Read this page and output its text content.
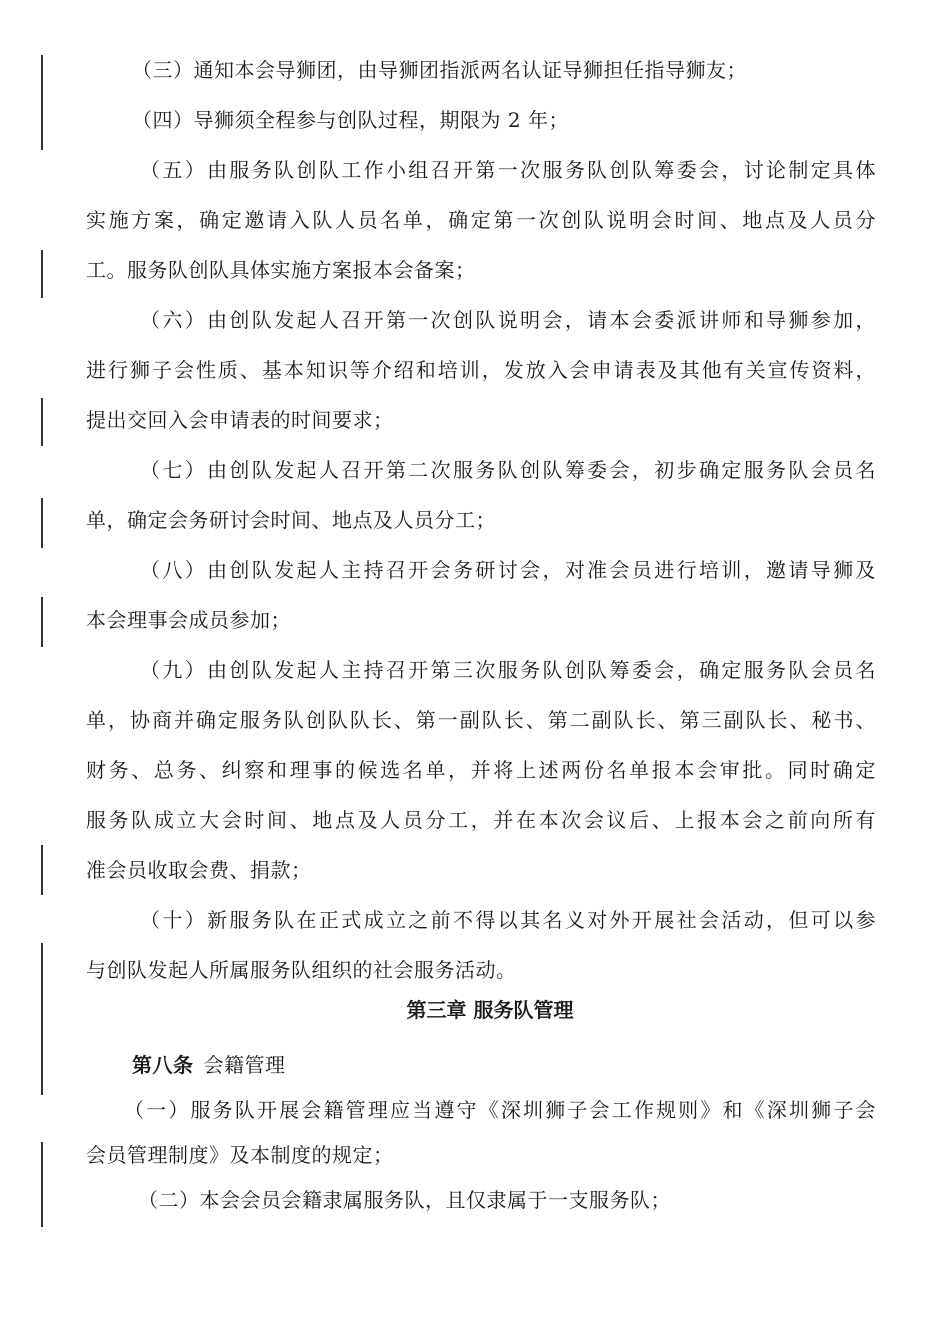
（三）通知本会导狮团，由导狮团指派两名认证导狮担任指导狮友；
（四）导狮须全程参与创队过程，期限为 2 年；
（五）由服务队创队工作小组召开第一次服务队创队筹委会，讨论制定具体
实施方案，确定邀请入队人员名单，确定第一次创队说明会时间、地点及人员分
工。服务队创队具体实施方案报本会备案；
（六）由创队发起人召开第一次创队说明会，请本会委派讲师和导狮参加，
进行狮子会性质、基本知识等介绍和培训，发放入会申请表及其他有关宣传资料，
提出交回入会申请表的时间要求；
（七）由创队发起人召开第二次服务队创队筹委会，初步确定服务队会员名
单，确定会务研讨会时间、地点及人员分工；
（八）由创队发起人主持召开会务研讨会，对准会员进行培训，邀请导狮及
本会理事会成员参加；
（九）由创队发起人主持召开第三次服务队创队筹委会，确定服务队会员名
单，协商并确定服务队创队队长、第一副队长、第二副队长、第三副队长、秘书、
财务、总务、纠察和理事的候选名单，并将上述两份名单报本会审批。同时确定
服务队成立大会时间、地点及人员分工，并在本次会议后、上报本会之前向所有
准会员收取会费、捐款；
（十）新服务队在正式成立之前不得以其名义对外开展社会活动，但可以参
与创队发起人所属服务队组织的社会服务活动。
第三章 服务队管理
第八条 会籍管理
（一）服务队开展会籍管理应当遵守《深圳狮子会工作规则》和《深圳狮子会
会员管理制度》及本制度的规定；
（二）本会会员会籍隶属服务队，且仅隶属于一支服务队；
